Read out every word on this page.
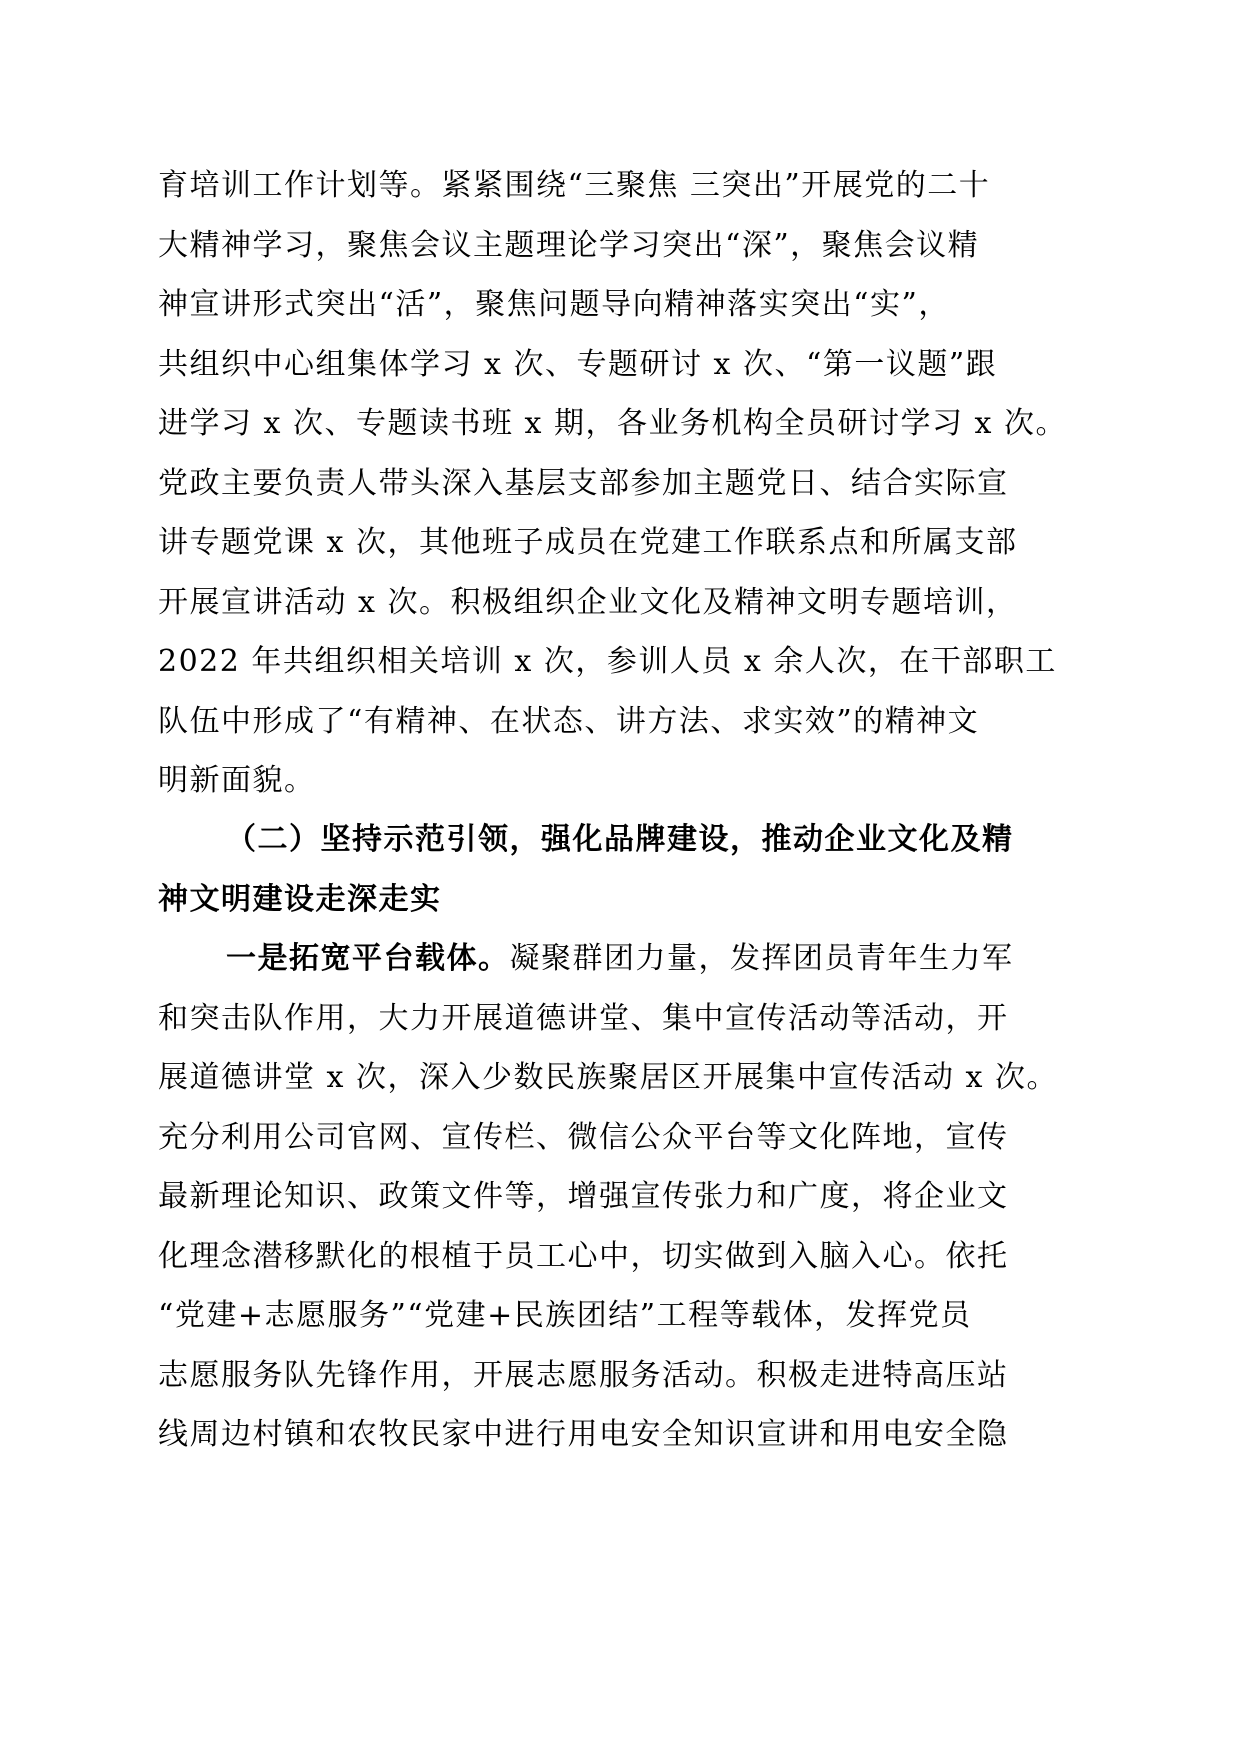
育培训工作计划等。紧紧围绕“三聚焦 三突出”开展党的二十
大精神学习，聚焦会议主题理论学习突出“深”，聚焦会议精
神宣讲形式突出“活”，聚焦问题导向精神落实突出“实”，
共组织中心组集体学习 x 次、专题研讨 x 次、“第一议题”跟
进学习 x 次、专题读书班 x 期，各业务机构全员研讨学习 x 次。
党政主要负责人带头深入基层支部参加主题党日、结合实际宣
讲专题党课 x 次，其他班子成员在党建工作联系点和所属支部
开展宣讲活动 x 次。积极组织企业文化及精神文明专题培训，
2022 年共组织相关培训 x 次，参训人员 x 余人次，在干部职工
队伍中形成了“有精神、在状态、讲方法、求实效”的精神文
明新面貌。
（二）坚持示范引领，强化品牌建设，推动企业文化及精
神文明建设走深走实
一是拓宽平台载体。凝聚群团力量，发挥团员青年生力军
和突击队作用，大力开展道德讲堂、集中宣传活动等活动，开
展道德讲堂 x 次，深入少数民族聚居区开展集中宣传活动 x 次。
充分利用公司官网、宣传栏、微信公众平台等文化阵地，宣传
最新理论知识、政策文件等，增强宣传张力和广度，将企业文
化理念潜移默化的根植于员工心中，切实做到入脑入心。依托
“党建+志愿服务”“党建+民族团结”工程等载体，发挥党员
志愿服务队先锋作用，开展志愿服务活动。积极走进特高压站
线周边村镇和农牧民家中进行用电安全知识宣讲和用电安全隐
